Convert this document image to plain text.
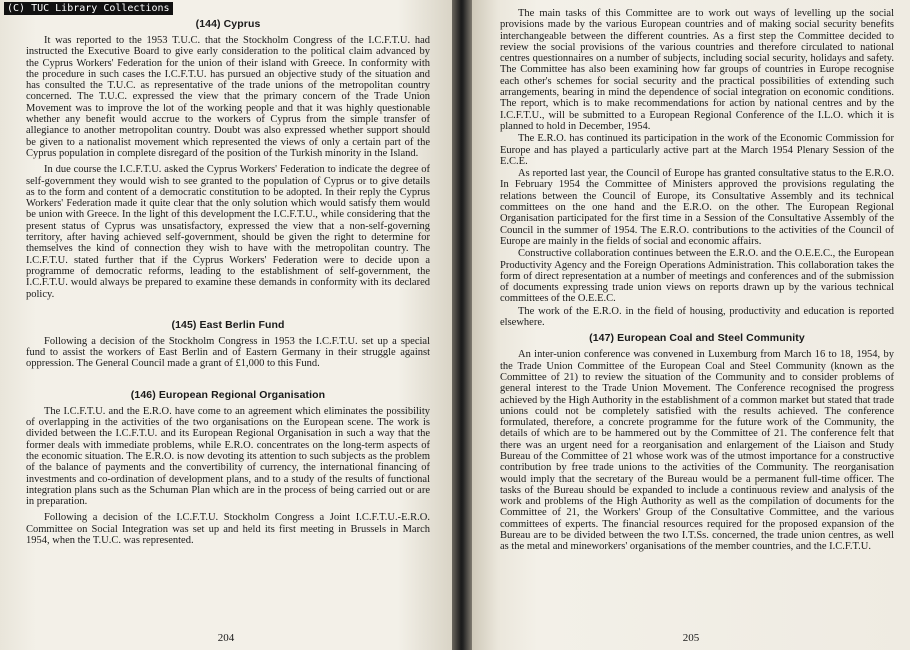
(C) TUC Library Collections
(144) Cyprus

It was reported to the 1953 T.U.C. that the Stockholm Congress of the I.C.F.T.U. had instructed the Executive Board to give early consideration to the political claim advanced by the Cyprus Workers' Federation for the union of their island with Greece. In conformity with the procedure in such cases the I.C.F.T.U. has pursued an objective study of the situation and has consulted the T.U.C. as representative of the trade unions of the metropolitan country concerned. The T.U.C. expressed the view that the primary concern of the Trade Union Movement was to improve the lot of the working people and that it was highly questionable whether any benefit would accrue to the workers of Cyprus from the simple transfer of allegiance to another metropolitan country. Doubt was also expressed whether support should be given to a nationalist movement which represented the views of only a certain part of the Cyprus population in complete disregard of the position of the Turkish minority in the Island.

In due course the I.C.F.T.U. asked the Cyprus Workers' Federation to indicate the degree of self-government they would wish to see granted to the population of Cyprus or to give details as to the form and content of a democratic constitution to be adopted. In their reply the Cyprus Workers' Federation made it quite clear that the only solution which would satisfy them would be union with Greece. In the light of this development the I.C.F.T.U., while considering that the present status of Cyprus was unsatisfactory, expressed the view that a non-self-governing territory, after having achieved self-government, should be given the right to determine for themselves the kind of connection they wish to have with the metropolitan country. The I.C.F.T.U. stated further that if the Cyprus Workers' Federation were to decide upon a programme of democratic reforms, leading to the establishment of self-government, the I.C.F.T.U. would always be prepared to examine these demands in conformity with its declared policy.

(145) East Berlin Fund

Following a decision of the Stockholm Congress in 1953 the I.C.F.T.U. set up a special fund to assist the workers of East Berlin and of Eastern Germany in their struggle against oppression. The General Council made a grant of £1,000 to this Fund.

(146) European Regional Organisation

The I.C.F.T.U. and the E.R.O. have come to an agreement which eliminates the possibility of overlapping in the activities of the two organisations on the European scene. The work is divided between the I.C.F.T.U. and its European Regional Organisation in such a way that the former deals with immediate problems, while E.R.O. concentrates on the long-term aspects of the economic situation. The E.R.O. is now devoting its attention to such subjects as the problem of the balance of payments and the convertibility of currency, the international financing of investments and co-ordination of development plans, and to a study of the results of functional integration plans such as the Schuman Plan which are in the process of being carried out or are in preparation.

Following a decision of the I.C.F.T.U. Stockholm Congress a Joint I.C.F.T.U.-E.R.O. Committee on Social Integration was set up and held its first meeting in Brussels in March 1954, when the T.U.C. was represented.

204

The main tasks of this Committee are to work out ways of levelling up the social provisions made by the various European countries and of making social security benefits interchangeable between the different countries. As a first step the Committee decided to review the social provisions of the various countries and therefore circulated to national centres questionnaires on a number of subjects, including social security, holidays and safety. The Committee has also been examining how far groups of countries in Europe recognise each other's schemes for social security and the practical possibilities of extending such arrangements, bearing in mind the dependence of social integration on economic conditions. The report, which is to make recommendations for action by national centres and by the I.C.F.T.U., will be submitted to a European Regional Conference of the I.L.O. which it is planned to hold in December, 1954.

The E.R.O. has continued its participation in the work of the Economic Commission for Europe and has played a particularly active part at the March 1954 Plenary Session of the E.C.E.

As reported last year, the Council of Europe has granted consultative status to the E.R.O. In February 1954 the Committee of Ministers approved the provisions regulating the relations between the Council of Europe, its Consultative Assembly and its technical committees on the one hand and the E.R.O. on the other. The European Regional Organisation participated for the first time in a Session of the Consultative Assembly of the Council in the summer of 1954. The E.R.O. contributions to the activities of the Council of Europe are mainly in the fields of social and economic affairs.

Constructive collaboration continues between the E.R.O. and the O.E.E.C., the European Productivity Agency and the Foreign Operations Administration. This collaboration takes the form of direct representation at a number of meetings and conferences and of the submission of documents expressing trade union views on reports drawn up by the various technical committees of the O.E.E.C.

The work of the E.R.O. in the field of housing, productivity and education is reported elsewhere.

(147) European Coal and Steel Community

An inter-union conference was convened in Luxemburg from March 16 to 18, 1954, by the Trade Union Committee of the European Coal and Steel Community (known as the Committee of 21) to review the situation of the Community and to consider problems of general interest to the Trade Union Movement. The Conference recognised the progress achieved by the High Authority in the establishment of a common market but stated that trade unions could not be completely satisfied with the results achieved. The conference formulated, therefore, a concrete programme for the future work of the Community, the details of which are to be hammered out by the Committee of 21. The conference felt that there was an urgent need for a reorganisation and enlargement of the Liaison and Study Bureau of the Committee of 21 whose work was of the utmost importance for a constructive contribution by free trade unions to the activities of the Community. The reorganisation would imply that the secretary of the Bureau would be a permanent full-time officer. The tasks of the Bureau should be expanded to include a continuous review and analysis of the work and problems of the High Authority as well as the compilation of documents for the Committee of 21, the Workers' Group of the Consultative Committee, and the various committees of experts. The financial resources required for the proposed expansion of the Bureau are to be divided between the two I.T.Ss. concerned, the trade union centres, as well as the metal and mineworkers' organisations of the member countries, and the I.C.F.T.U.

205
